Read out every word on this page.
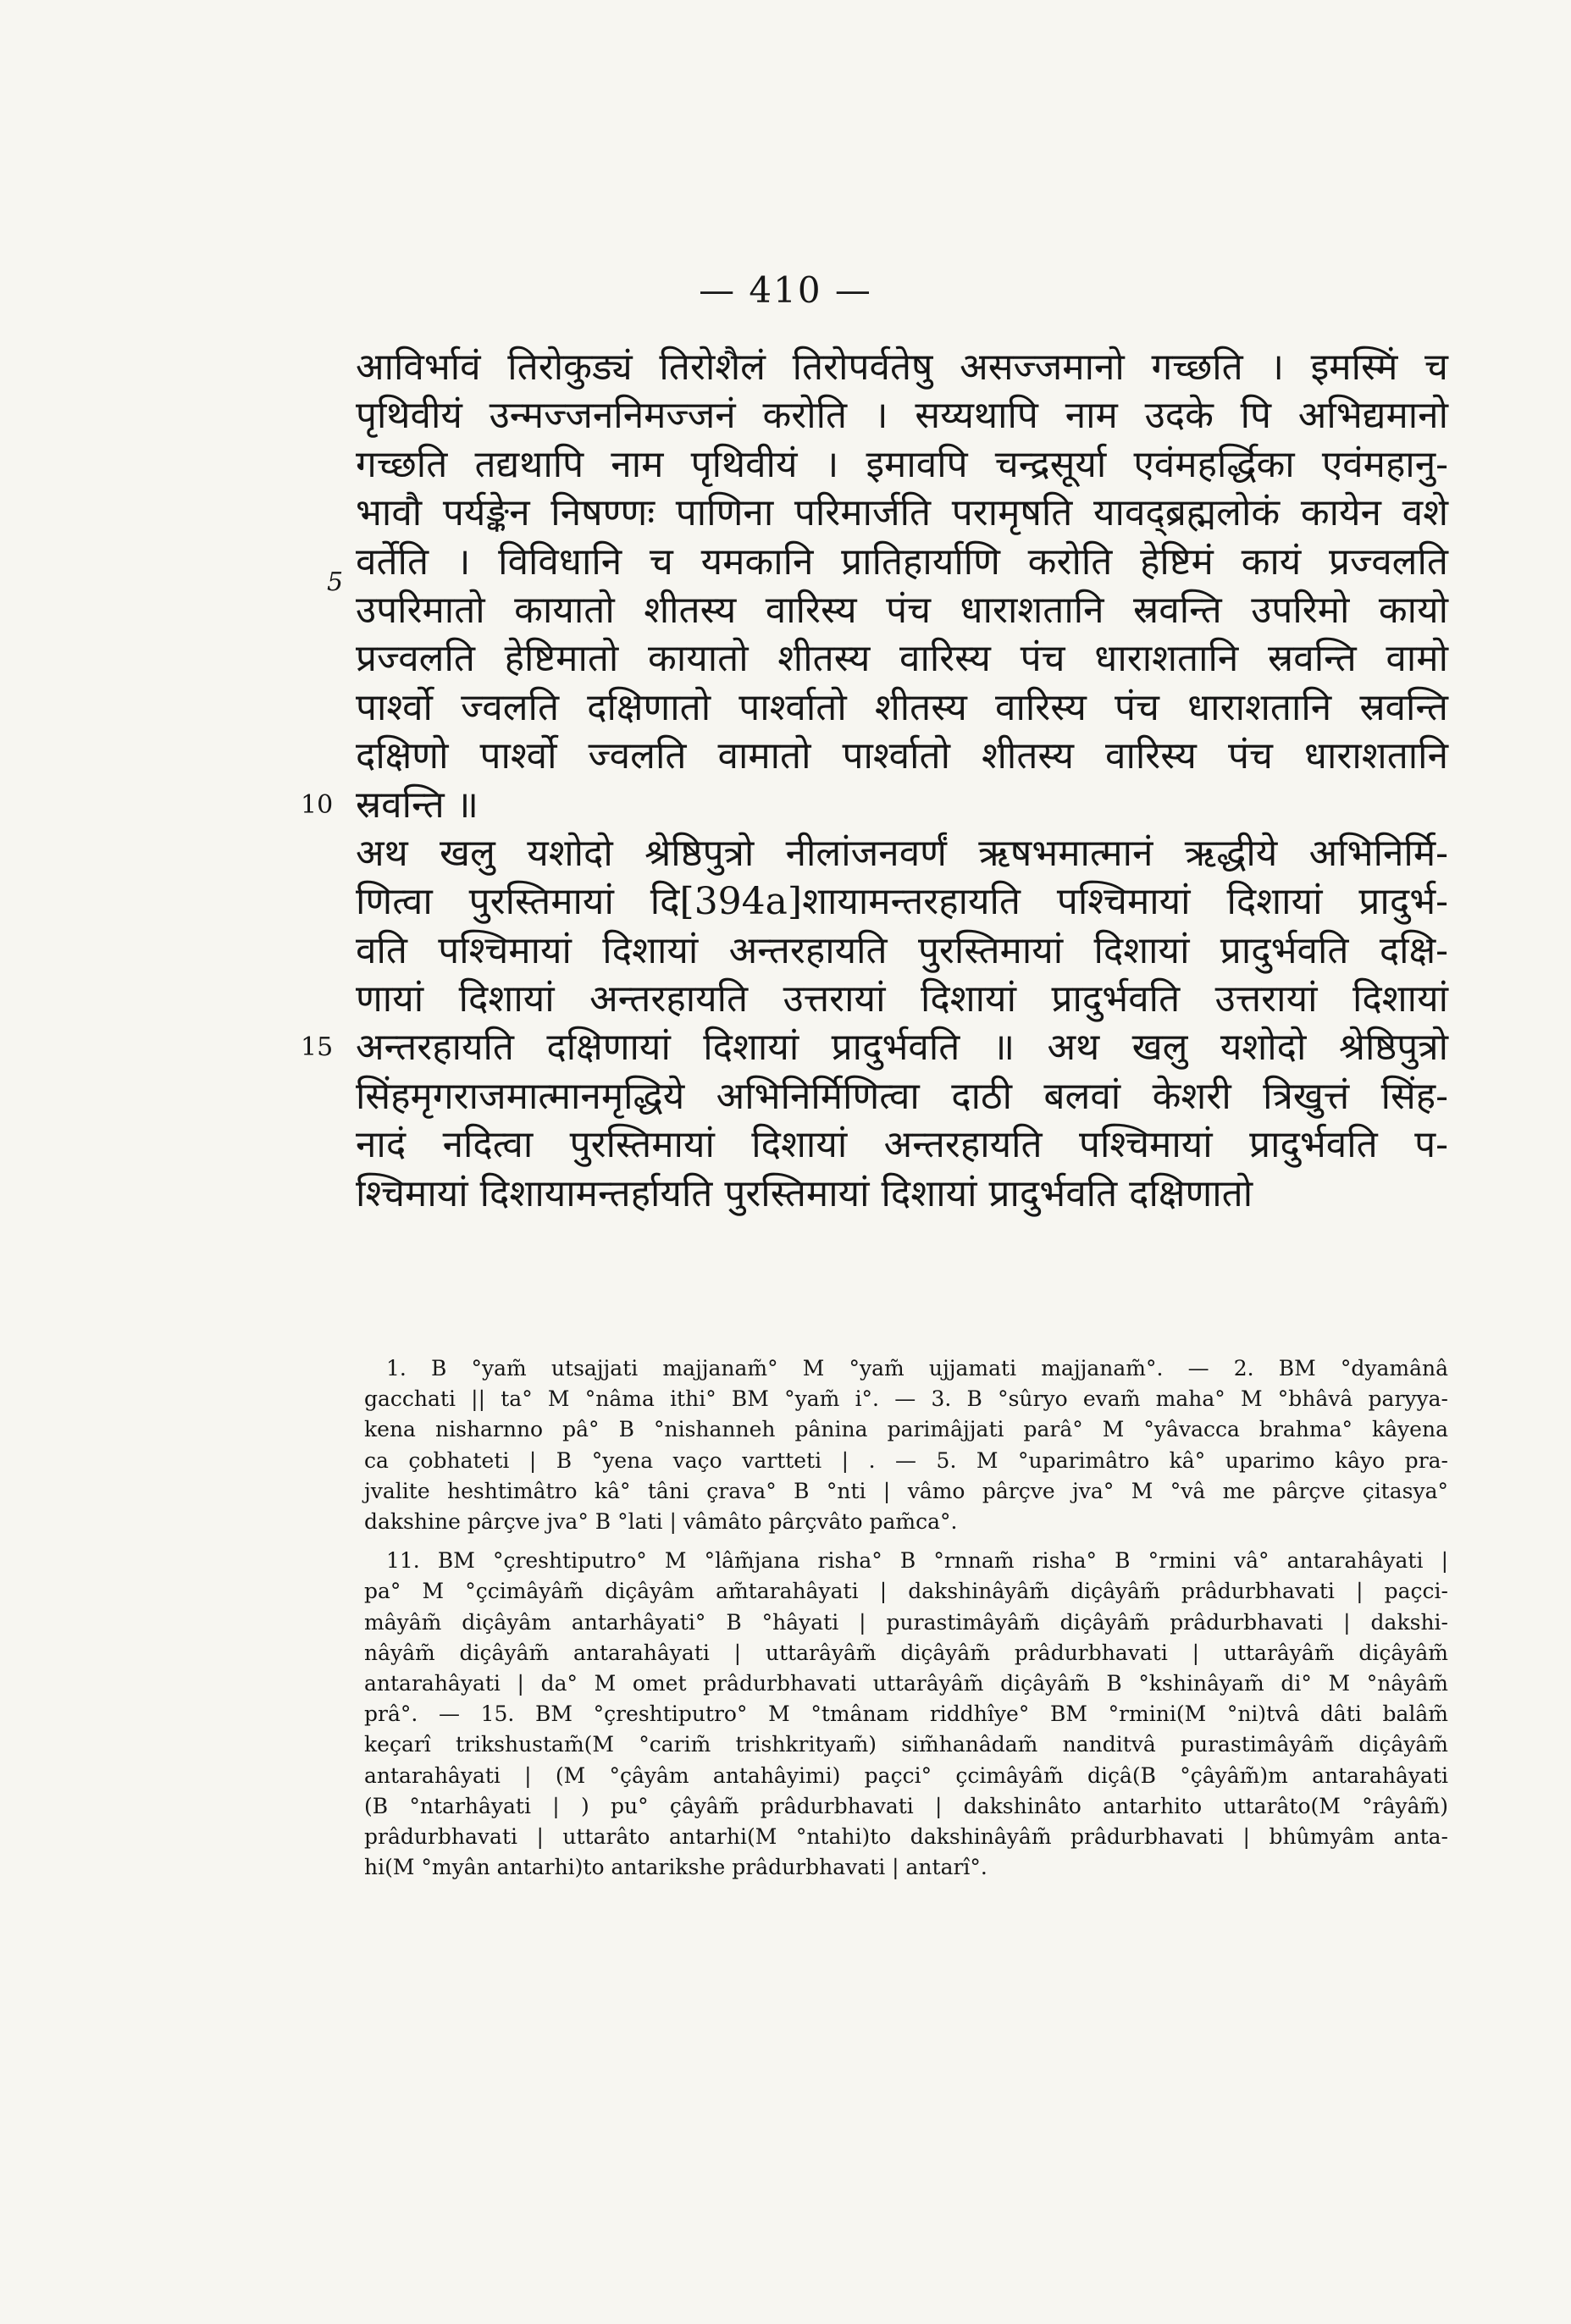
— 410 —
5
आविर्भावं तिरोकुड्यं तिरोशैलं तिरोपर्वतेषु असज्जमानो गच्छति । इमस्मिं च
पृथिवीयं उन्मज्जननिमज्जनं करोति । सय्यथापि नाम उदके पि अभिद्यमानो
गच्छति तद्यथापि नाम पृथिवीयं । इमावपि चन्द्रसूर्या एवंमहर्द्धिका एवंमहानु-
भावौ पर्यङ्केन निषण्णः पाणिना परिमार्जति परामृषति यावद्ब्रह्मलोकं कायेन वशे
वर्तेति । विविधानि च यमकानि प्रातिहार्याणि करोति हेष्टिमं कायं प्रज्वलति
उपरिमातो कायातो शीतस्य वारिस्य पंच धाराशतानि स्रवन्ति उपरिमो कायो
प्रज्वलति हेष्टिमातो कायातो शीतस्य वारिस्य पंच धाराशतानि स्रवन्ति वामो
पार्श्वो ज्वलति दक्षिणातो पार्श्वातो शीतस्य वारिस्य पंच धाराशतानि स्रवन्ति
दक्षिणो पार्श्वो ज्वलति वामातो पार्श्वातो शीतस्य वारिस्य पंच धाराशतानि
10 स्रवन्ति ॥
अथ खलु यशोदो श्रेष्ठिपुत्रो नीलांजनवर्णं ऋषभमात्मानं ऋद्धीये अभिनिर्मि-
णित्वा पुरस्तिमायां दि[394a]शायामन्तरहायति पश्चिमायां दिशायां प्रादुर्भ-
वति पश्चिमायां दिशायां अन्तरहायति पुरस्तिमायां दिशायां प्रादुर्भवति दक्षि-
णायां दिशायां अन्तरहायति उत्तरायां दिशायां प्रादुर्भवति उत्तरायां दिशायां
15 अन्तरहायति दक्षिणायां दिशायां प्रादुर्भवति ॥ अथ खलु यशोदो श्रेष्ठिपुत्रो
सिंहमृगराजमात्मानमृद्धिये अभिनिर्मिणित्वा दाठी बलवां केशरी त्रिखुत्तं सिंह-
नादं नदित्वा पुरस्तिमायां दिशायां अन्तरहायति पश्चिमायां प्रादुर्भवति प-
श्चिमायां दिशायामन्तर्हायति पुरस्तिमायां दिशायां प्रादुर्भवति दक्षिणातो
1. B °yam̃ utsajjati majjanam̃° M °yam̃ ujjamati majjanam̃°. — 2. BM °dyamânâ
gacchati || ta° M °nâma ithi° BM °yam̃ i°. — 3. B °sûryo evam̃ maha° M °bhâvâ paryya-
kena nisharnno pâ° B °nishanneh pânina parimâjjati parâ° M °yâvacca brahma° kâyena
ca çobhateti | B °yena vaço vartteti | . — 5. M °uparimâtro kâ° uparimo kâyo pra-
jvalite heshtimâtro kâ° tâni çrava° B °nti | vâmo pârçve jva° M °vâ me pârçve çitasya°
dakshine pârçve jva° B °lati | vâmâto pârçvâto pam̃ca°.
11. BM °çreshtiputro° M °lâm̃jana risha° B °rnnam̃ risha° B °rmini vâ° antarahâyati |
pa° M °çcimâyâm̃ diçâyâm am̃tarahâyati | dakshinâyâm̃ diçâyâm̃ prâdurbhavati | paçci-
mâyâm̃ diçâyâm antarhâyati° B °hâyati | purastimâyâm̃ diçâyâm̃ prâdurbhavati | dakshi-
nâyâm̃ diçâyâm̃ antarahâyati | uttarâyâm̃ diçâyâm̃ prâdurbhavati | uttarâyâm̃ diçâyâm̃
antarahâyati | da° M omet prâdurbhavati uttarâyâm̃ diçâyâm̃ B °kshinâyam̃ di° M °nâyâm̃
prâ°. — 15. BM °çreshtiputro° M °tmânam riddhîye° BM °rmini(M °ni)tvâ dâti balâm̃
keçarî trikshustam̃(M °carim̃ trishkrityam̃) sim̃hanâdam̃ nanditvâ purastimâyâm̃ diçâyâm̃
antarahâyati | (M °çâyâm antahâyimi) paçci° çcimâyâm̃ diçâ(B °çâyâm̃)m antarahâyati
(B °ntarhâyati | ) pu° çâyâm̃ prâdurbhavati | dakshinâto antarhito uttarâto(M °râyâm̃)
prâdurbhavati | uttarâto antarhi(M °ntahi)to dakshinâyâm̃ prâdurbhavati | bhûmyâm anta-
hi(M °myân antarhi)to antarikshe prâdurbhavati | antarî°.
